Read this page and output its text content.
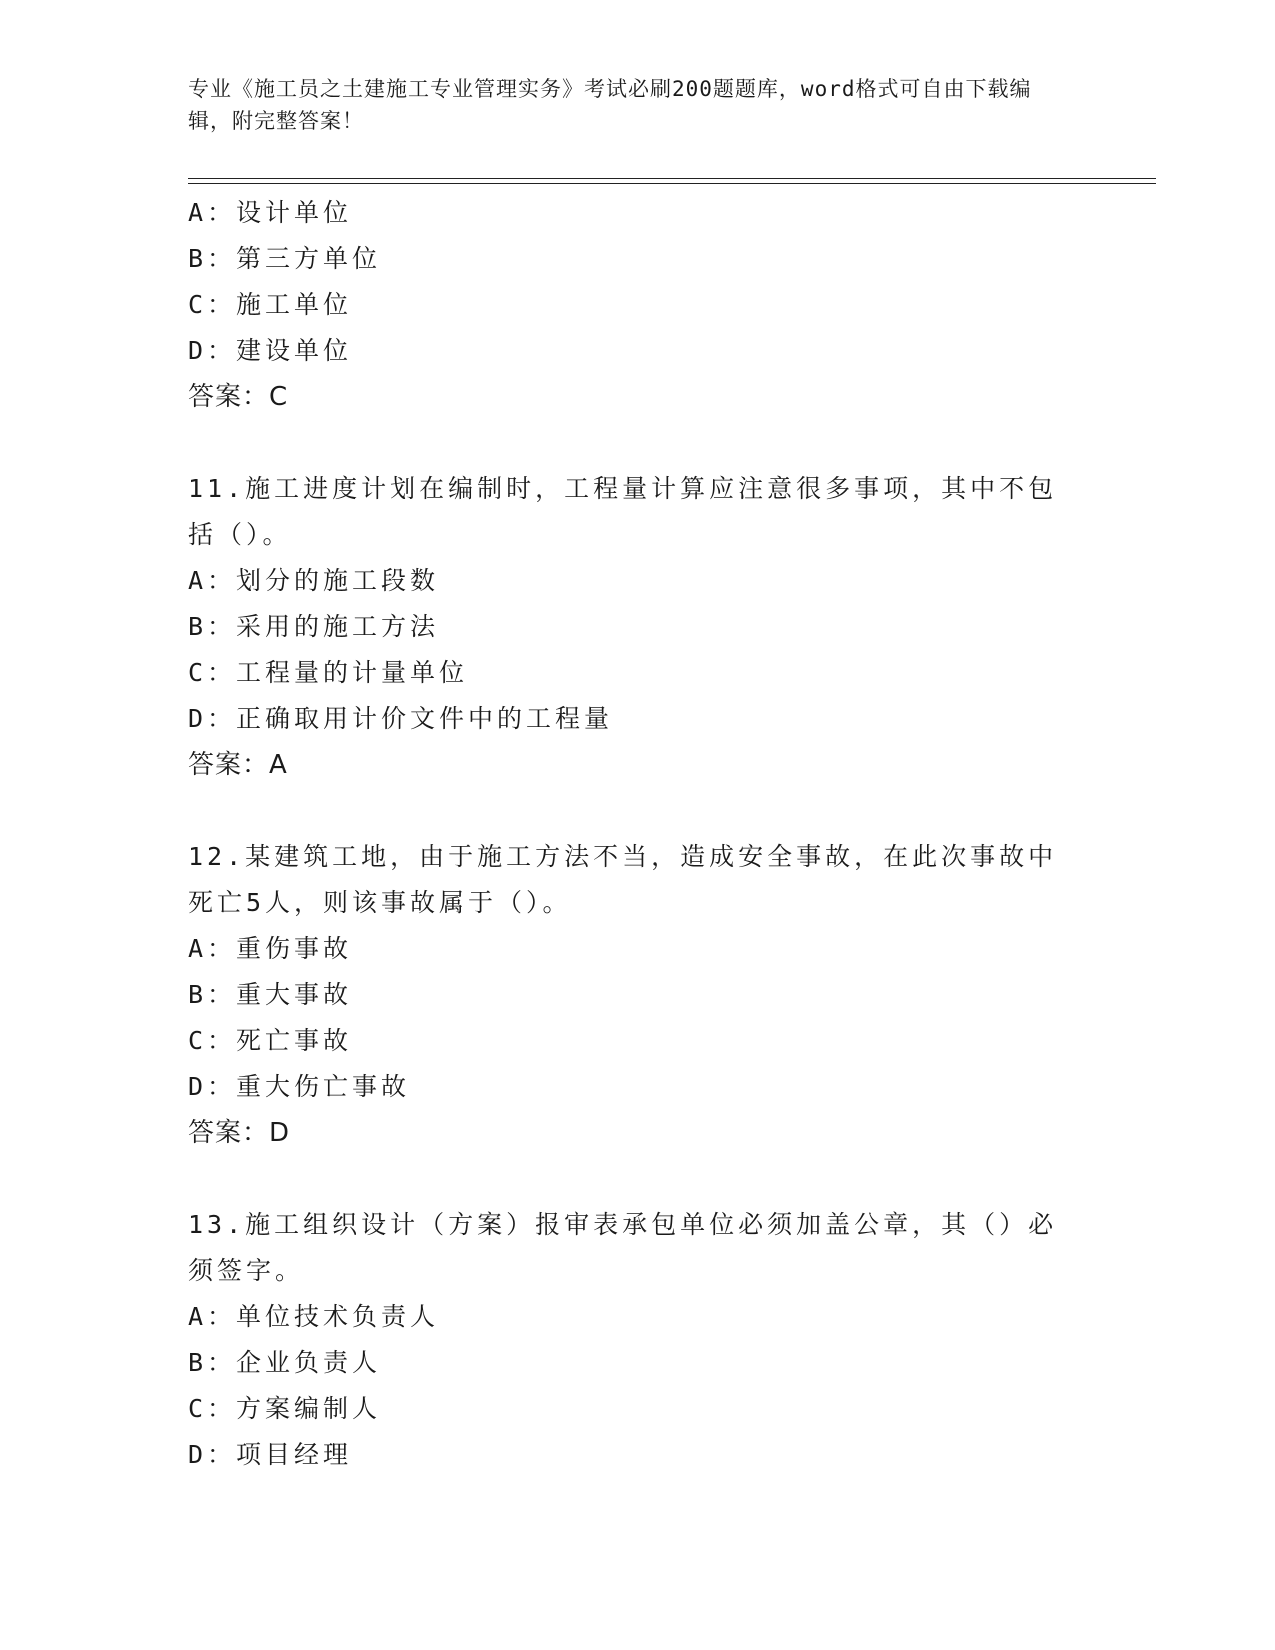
专业《施工员之土建施工专业管理实务》考试必刷200题题库，word格式可自由下载编辑，附完整答案！
A：设计单位
B：第三方单位
C：施工单位
D：建设单位
答案：C
11.施工进度计划在编制时，工程量计算应注意很多事项，其中不包括（）。
A：划分的施工段数
B：采用的施工方法
C：工程量的计量单位
D：正确取用计价文件中的工程量
答案：A
12.某建筑工地，由于施工方法不当，造成安全事故，在此次事故中死亡5人，则该事故属于（）。
A：重伤事故
B：重大事故
C：死亡事故
D：重大伤亡事故
答案：D
13.施工组织设计（方案）报审表承包单位必须加盖公章，其（）必须签字。
A：单位技术负责人
B：企业负责人
C：方案编制人
D：项目经理
